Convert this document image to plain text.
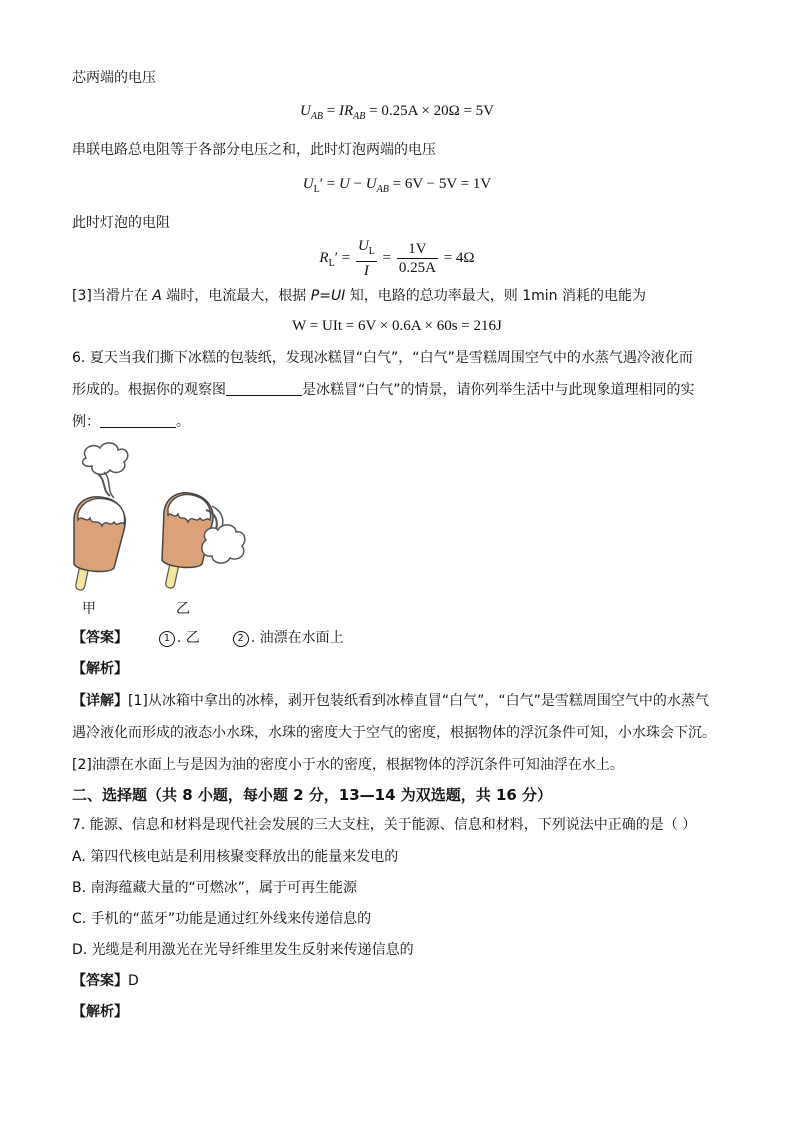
芯两端的电压
$U_{AB} = IR_{AB} = 0.25A \times 20\Omega = 5V$
串联电路总电阻等于各部分电压之和，此时灯泡两端的电压
$U_L' = U - U_{AB} = 6V - 5V = 1V$
此时灯泡的电阻
$R_L' = \frac{U_L}{I} = \frac{1V}{0.25A} = 4\Omega$
[3]当滑片在 A 端时，电流最大，根据 P=UI 知，电路的总功率最大，则 1min 消耗的电能为
W = UIt = 6V × 0.6A × 60s = 216J
6. 夏天当我们撕下冰糕的包装纸，发现冰糕冒“白气”，“白气”是雪糕周围空气中的水蒸气遇冷液化而
形成的。根据你的观察图	是冰糕冒“白气”的情景，请你列举生活中与此现象道理相同的实
例：	。
甲	乙
【答案】	1 . 乙	2 . 油漂在水面上
【解析】
【详解】[1]从冰箱中拿出的冰棒，剥开包装纸看到冰棒直冒“白气”，“白气”是雪糕周围空气中的水蒸气
遇冷液化而形成的液态小水珠，水珠的密度大于空气的密度，根据物体的浮沉条件可知，小水珠会下沉。
[2]油漂在水面上与是因为油的密度小于水的密度，根据物体的浮沉条件可知油浮在水上。
二、选择题（共 8 小题，每小题 2 分，13—14 为双选题，共 16 分）
7. 能源、信息和材料是现代社会发展的三大支柱，关于能源、信息和材料，下列说法中正确的是（ ）
A. 第四代核电站是利用核聚变释放出的能量来发电的
B. 南海蕴藏大量的“可燃冰”，属于可再生能源
C. 手机的“蓝牙”功能是通过红外线来传递信息的
D. 光缆是利用激光在光导纤维里发生反射来传递信息的
【答案】D
【解析】
